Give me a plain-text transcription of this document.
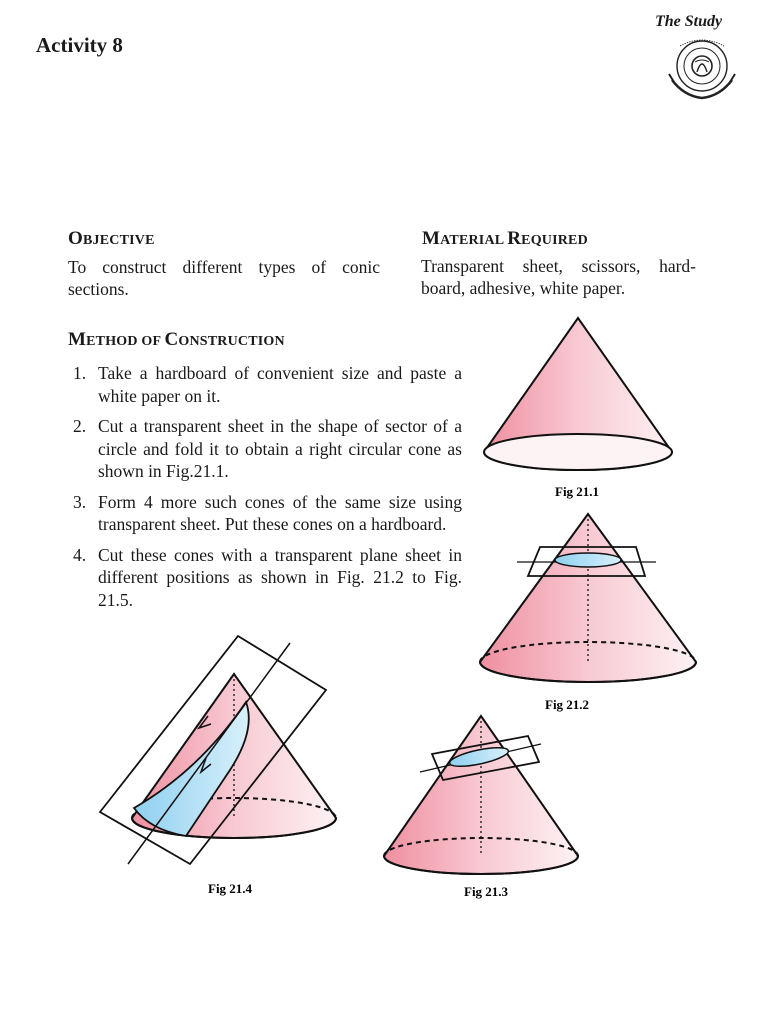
Activity 8
The Study
OBJECTIVE
To construct different types of conic sections.
MATERIAL REQUIRED
Transparent sheet, scissors, hard-board, adhesive, white paper.
METHOD OF CONSTRUCTION
1. Take a hardboard of convenient size and paste a white paper on it.
2. Cut a transparent sheet in the shape of sector of a circle and fold it to obtain a right circular cone as shown in Fig.21.1.
3. Form 4 more such cones of the same size using transparent sheet. Put these cones on a hardboard.
4. Cut these cones with a transparent plane sheet in different positions as shown in Fig. 21.2 to Fig. 21.5.
Fig 21.1
Fig 21.2
Fig 21.3
Fig 21.4
